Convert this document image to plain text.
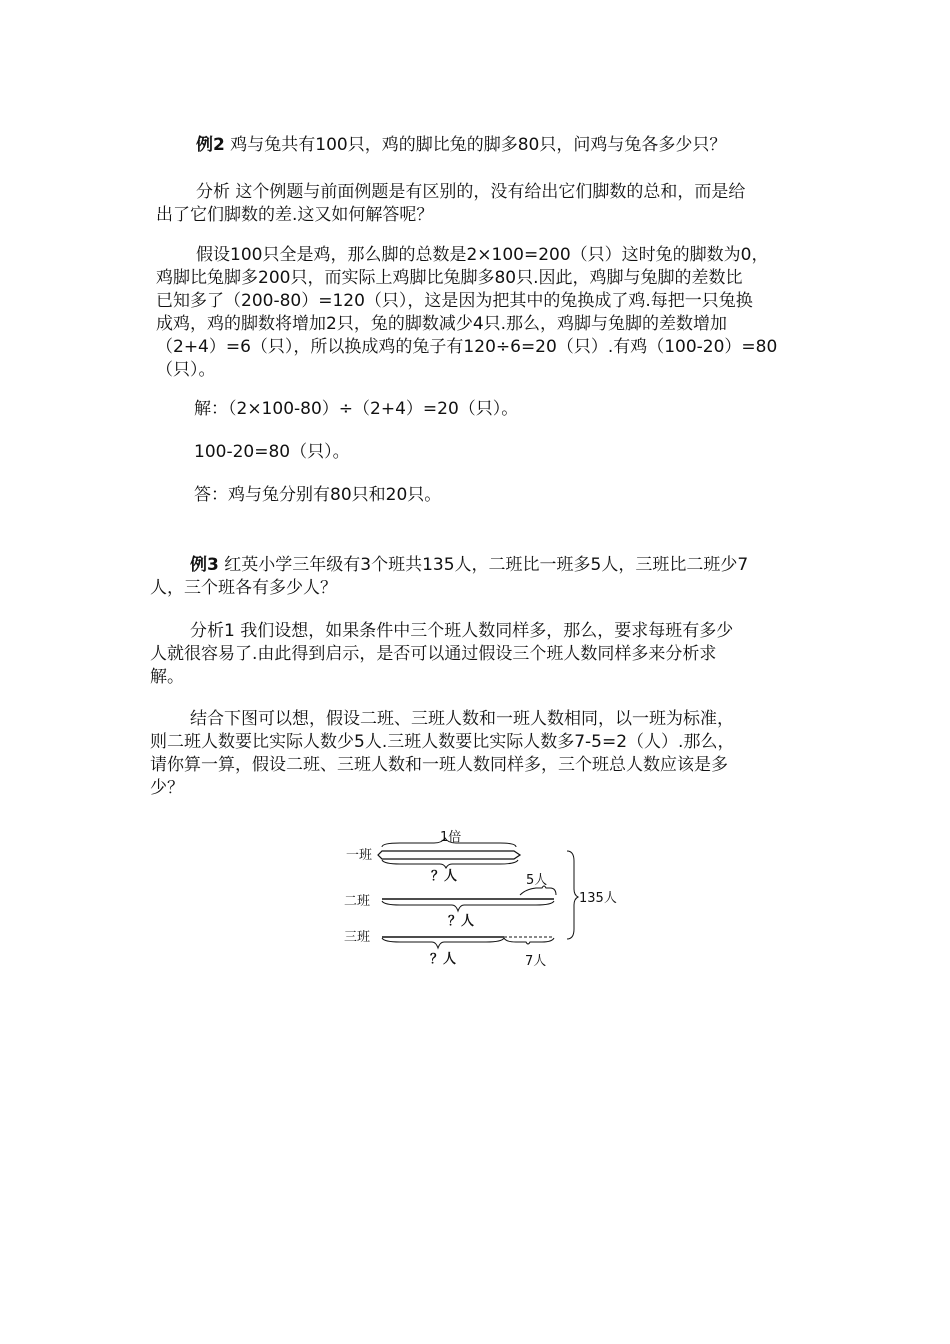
例2 鸡与兔共有100只，鸡的脚比兔的脚多80只，问鸡与兔各多少只？
分析 这个例题与前面例题是有区别的，没有给出它们脚数的总和，而是给
出了它们脚数的差.这又如何解答呢？
假设100只全是鸡，那么脚的总数是2×100=200（只）这时兔的脚数为0，
鸡脚比兔脚多200只，而实际上鸡脚比兔脚多80只.因此，鸡脚与兔脚的差数比
已知多了（200-80）=120（只），这是因为把其中的兔换成了鸡.每把一只兔换
成鸡，鸡的脚数将增加2只，兔的脚数减少4只.那么，鸡脚与兔脚的差数增加
（2+4）=6（只），所以换成鸡的兔子有120÷6=20（只）.有鸡（100-20）=80
（只）。
解：（2×100-80）÷（2+4）=20（只）。
100-20=80（只）。
答：鸡与兔分别有80只和20只。
例3 红英小学三年级有3个班共135人，二班比一班多5人，三班比二班少7
人，三个班各有多少人？
分析1 我们设想，如果条件中三个班人数同样多，那么，要求每班有多少
人就很容易了.由此得到启示，是否可以通过假设三个班人数同样多来分析求
解。
结合下图可以想，假设二班、三班人数和一班人数相同，以一班为标准，
则二班人数要比实际人数少5人.三班人数要比实际人数多7-5=2（人）.那么，
请你算一算，假设二班、三班人数和一班人数同样多，三个班总人数应该是多
少？
1倍
一班
？人	5人
二班
？人
三班
？人	7人
135人
